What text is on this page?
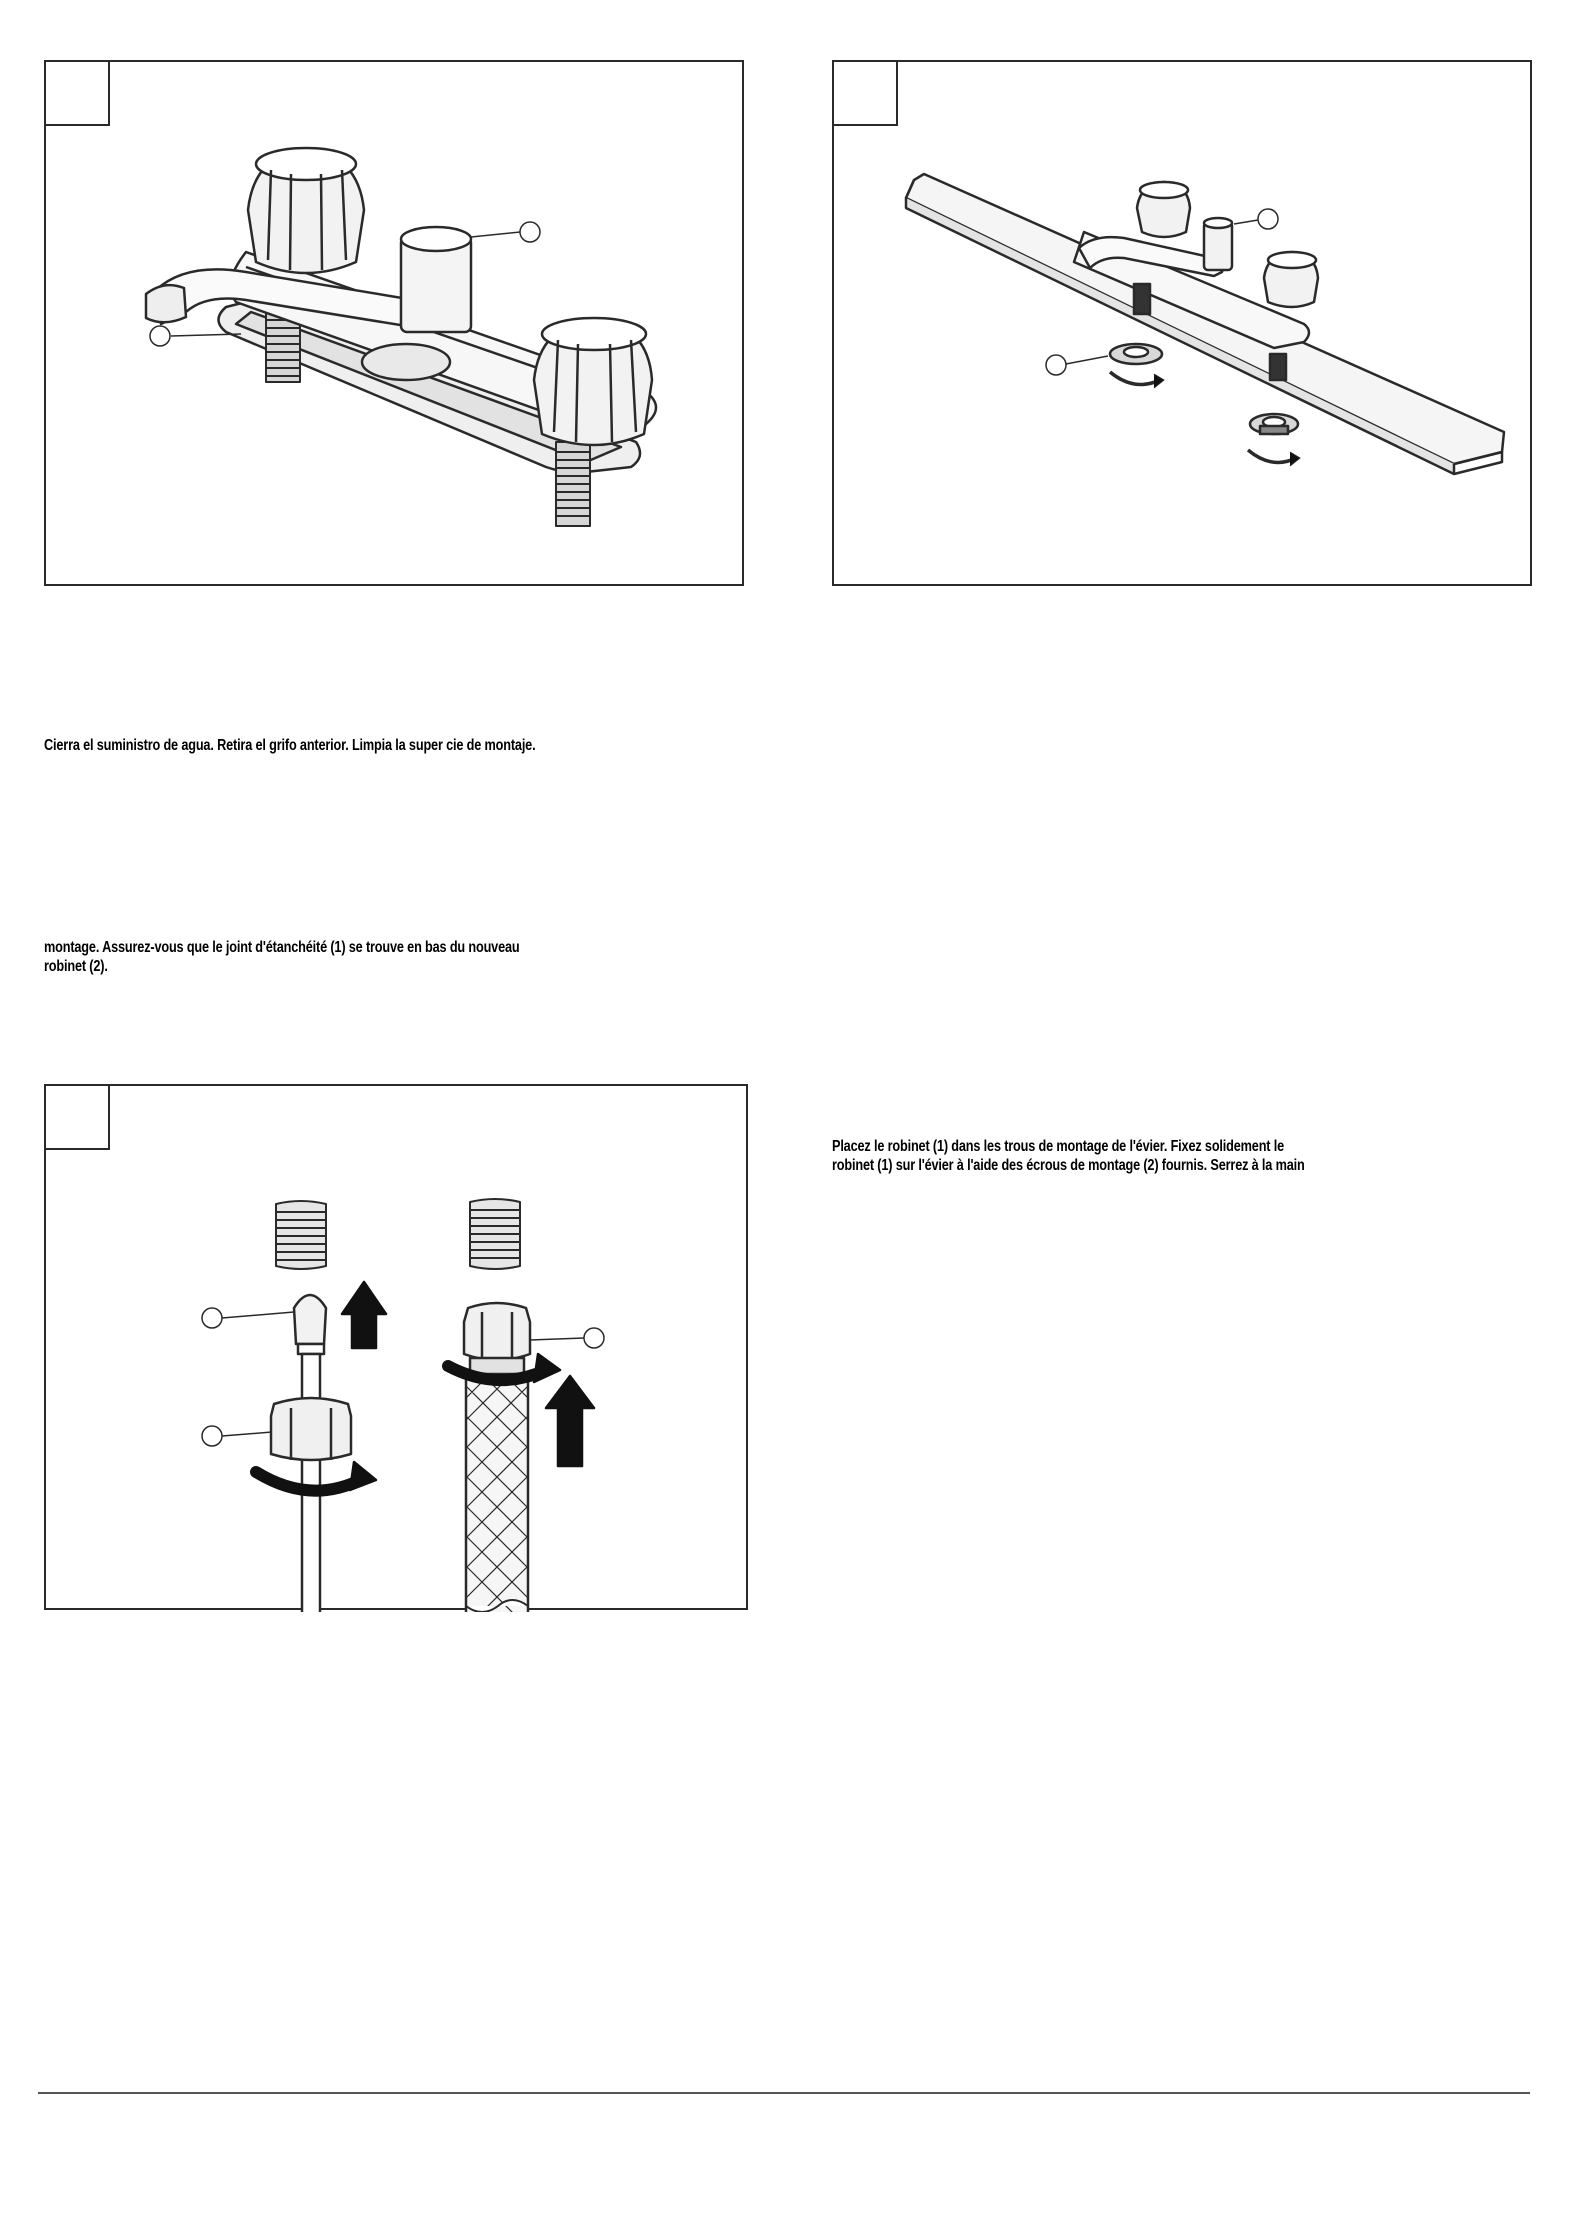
Cierra el suministro de agua. Retira el grifo anterior. Limpia la super cie de montaje.
montage. Assurez-vous que le joint d'étanchéité (1) se trouve en bas du nouveau
robinet (2).
Placez le robinet (1) dans les trous de montage de l'évier. Fixez solidement le
robinet (1) sur l'évier à l'aide des écrous de montage (2) fournis. Serrez à la main
